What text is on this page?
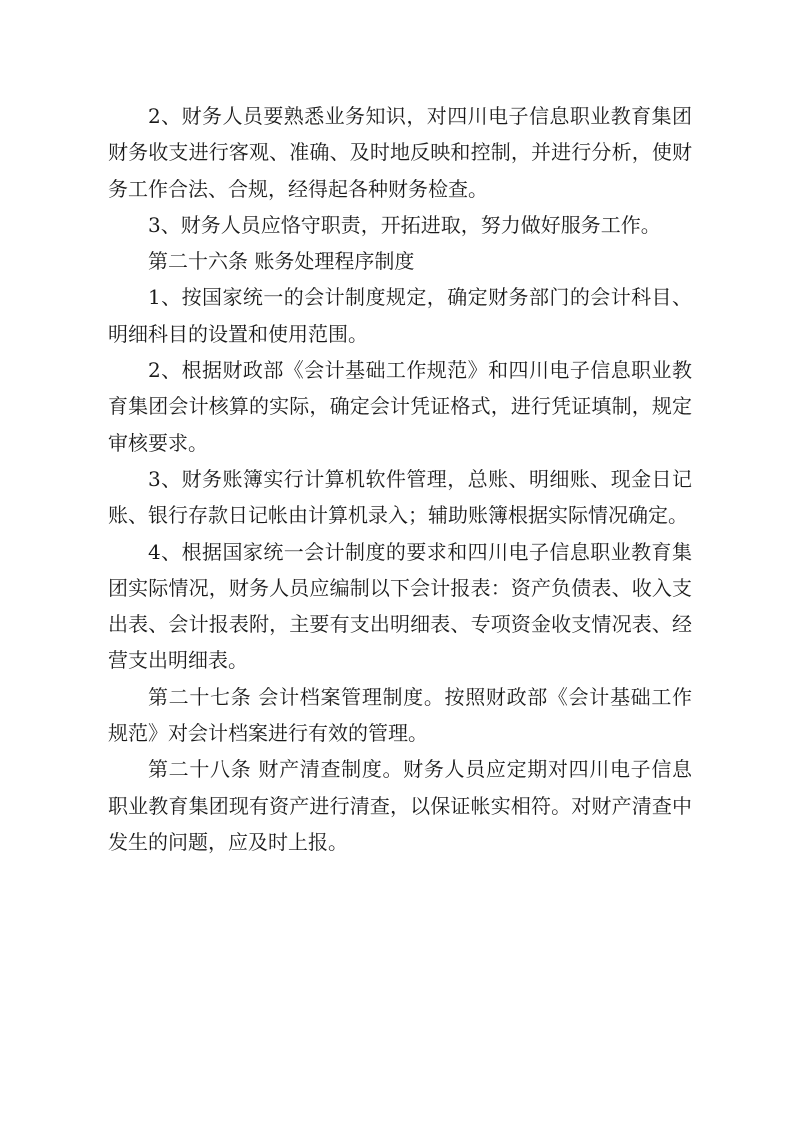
2、财务人员要熟悉业务知识，对四川电子信息职业教育集团财务收支进行客观、准确、及时地反映和控制，并进行分析，使财务工作合法、合规，经得起各种财务检查。

3、财务人员应恪守职责，开拓进取，努力做好服务工作。

第二十六条 账务处理程序制度

1、按国家统一的会计制度规定，确定财务部门的会计科目、明细科目的设置和使用范围。

2、根据财政部《会计基础工作规范》和四川电子信息职业教育集团会计核算的实际，确定会计凭证格式，进行凭证填制，规定审核要求。

3、财务账簿实行计算机软件管理，总账、明细账、现金日记账、银行存款日记帐由计算机录入；辅助账簿根据实际情况确定。

4、根据国家统一会计制度的要求和四川电子信息职业教育集团实际情况，财务人员应编制以下会计报表：资产负债表、收入支出表、会计报表附，主要有支出明细表、专项资金收支情况表、经营支出明细表。

第二十七条 会计档案管理制度。按照财政部《会计基础工作规范》对会计档案进行有效的管理。

第二十八条 财产清查制度。财务人员应定期对四川电子信息职业教育集团现有资产进行清查，以保证帐实相符。对财产清查中发生的问题，应及时上报。
